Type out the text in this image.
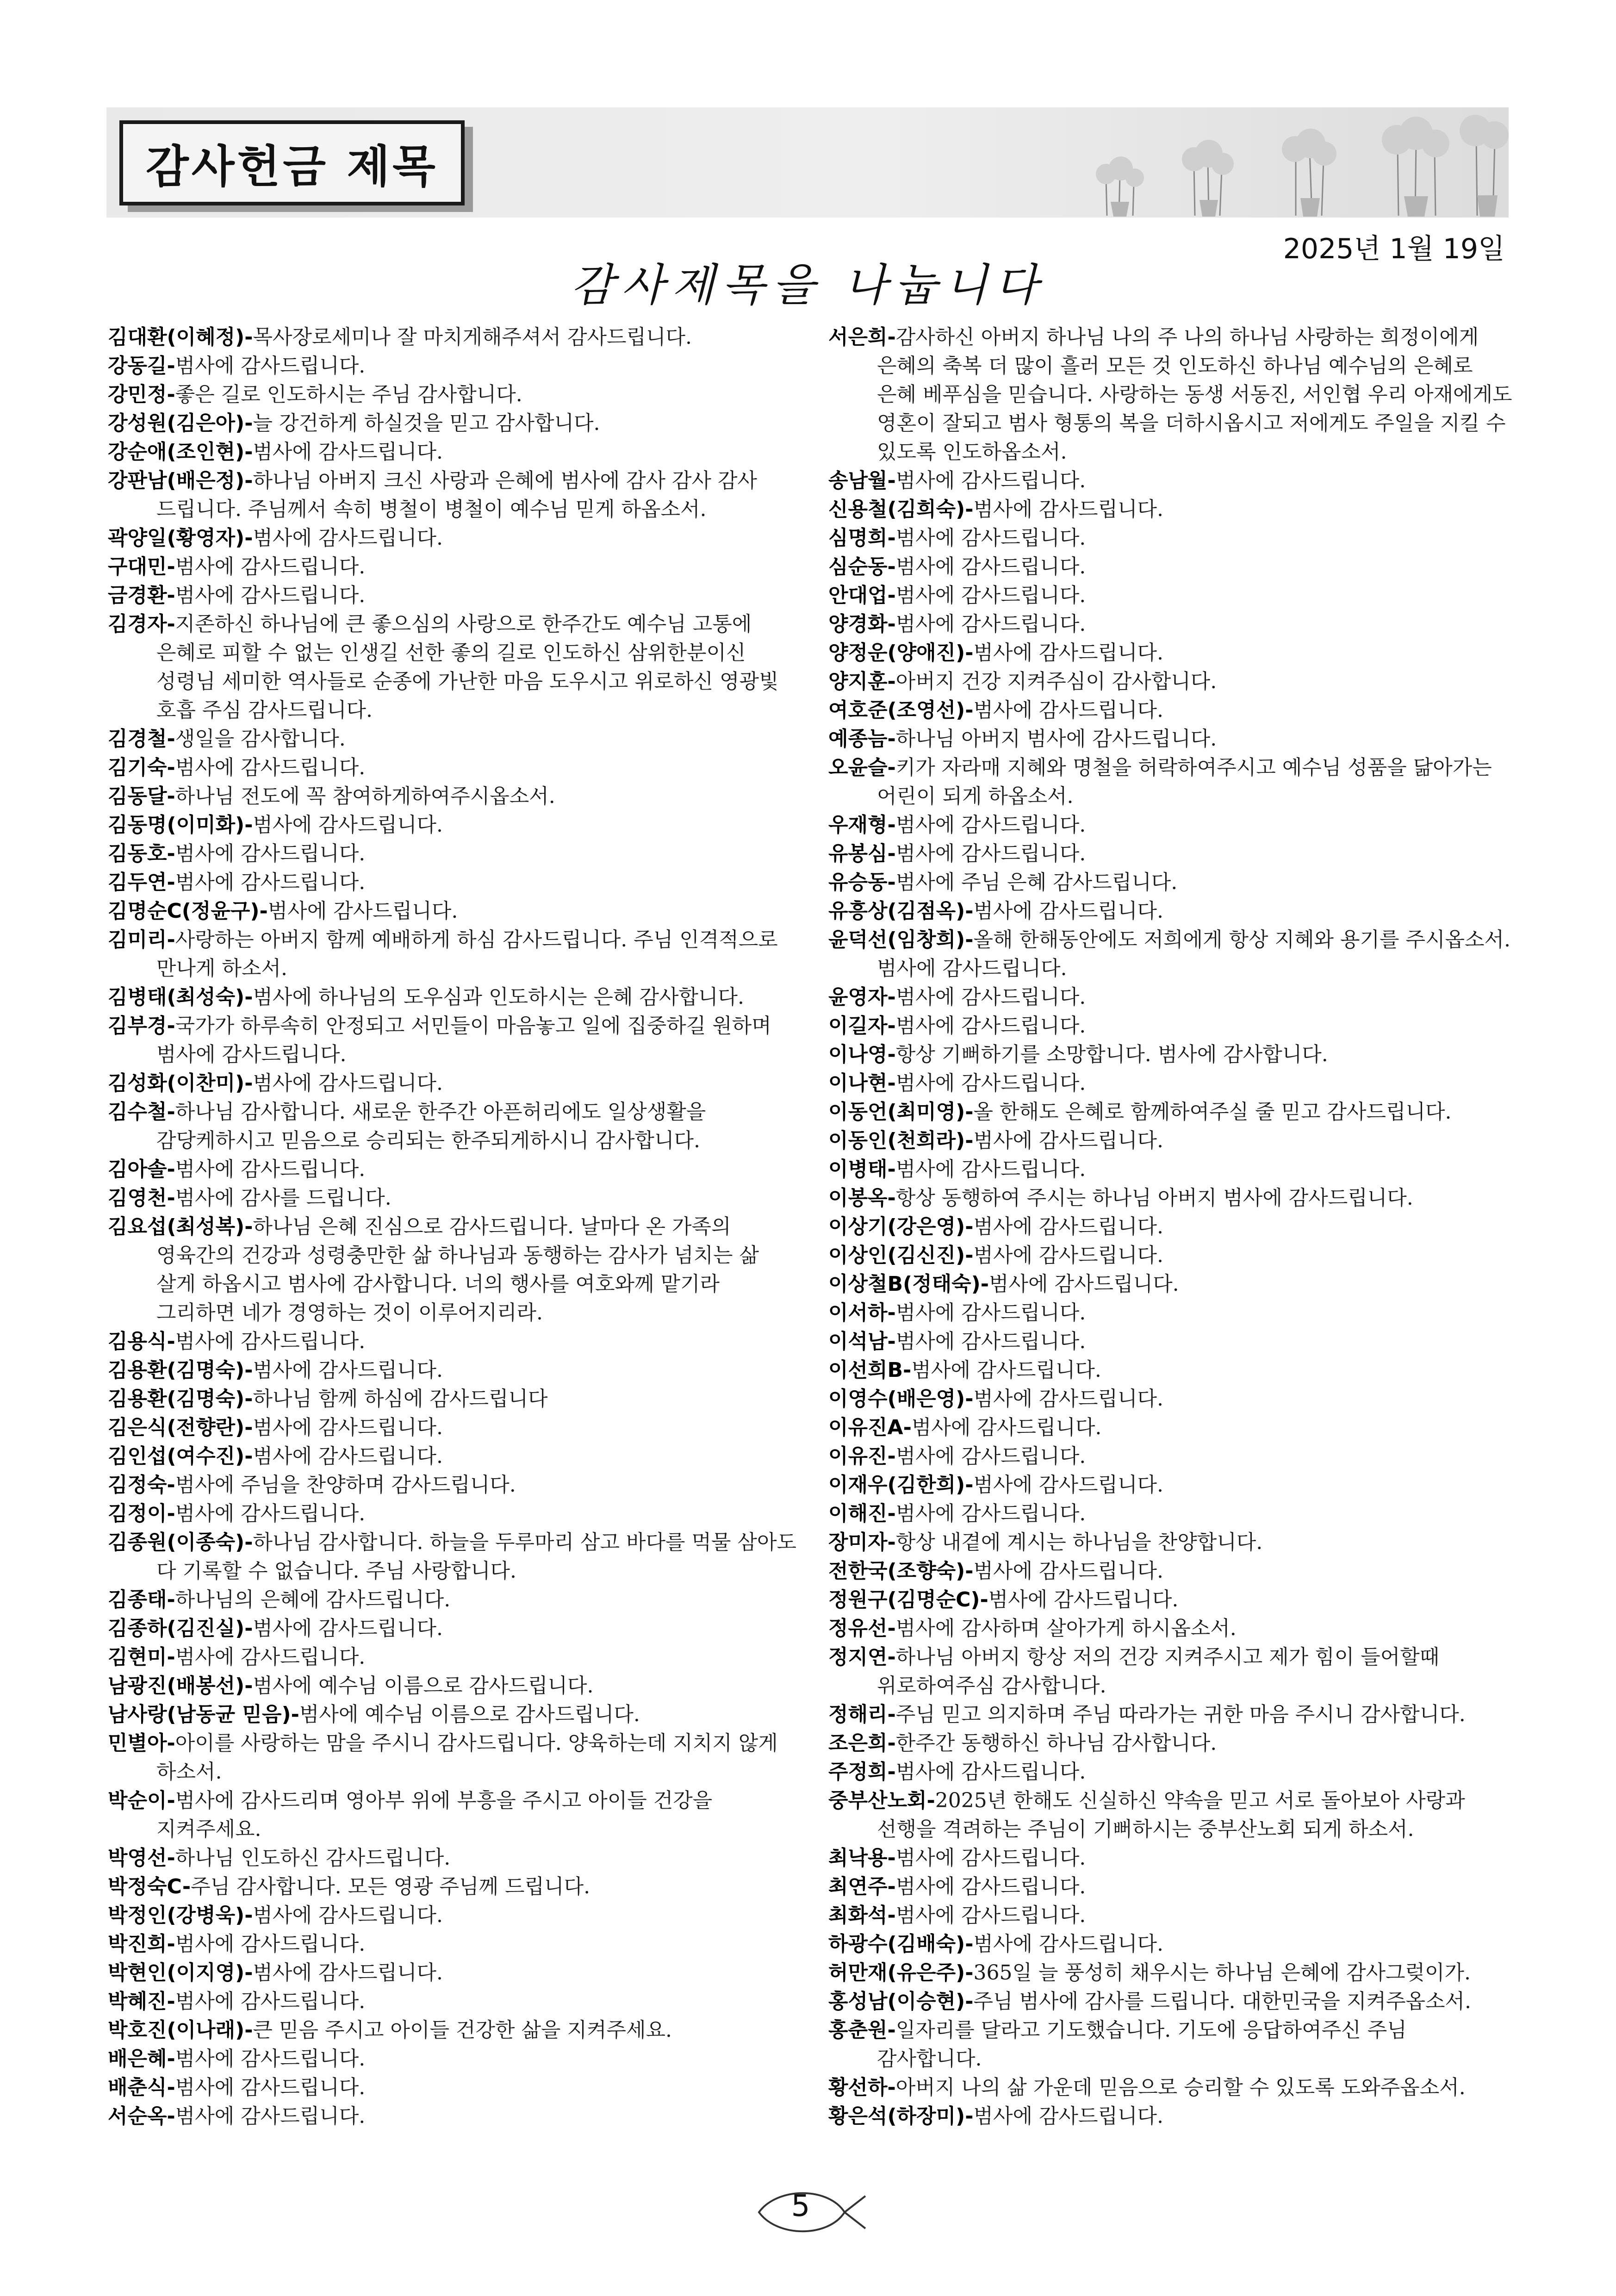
감사헌금 제목
2025년 1월 19일
감사제목을 나눕니다

김대환(이혜정)-목사장로세미나 잘 마치게해주셔서 감사드립니다.

강동길-범사에 감사드립니다.

강민정-좋은 길로 인도하시는 주님 감사합니다.

강성원(김은아)-늘 강건하게 하실것을 믿고 감사합니다.

강순애(조인현)-범사에 감사드립니다.

강판남(배은정)-하나님 아버지 크신 사랑과 은혜에 범사에 감사 감사 감사 드립니다. 주님께서 속히 병철이 병철이 예수님 믿게 하옵소서.

곽양일(황영자)-범사에 감사드립니다.

구대민-범사에 감사드립니다.

금경환-범사에 감사드립니다.

김경자-지존하신 하나님에 큰 좋으심의 사랑으로 한주간도 예수님 고통에 은혜로 피할 수 없는 인생길 선한 좋의 길로 인도하신 삼위한분이신 성령님 세미한 역사들로 순종에 가난한 마음 도우시고 위로하신 영광빛 호흡 주심 감사드립니다.

김경철-생일을 감사합니다.

김기숙-범사에 감사드립니다.

김동달-하나님 전도에 꼭 참여하게하여주시옵소서.

김동명(이미화)-범사에 감사드립니다.

김동호-범사에 감사드립니다.

김두연-범사에 감사드립니다.

김명순C(정윤구)-범사에 감사드립니다.

김미리-사랑하는 아버지 함께 예배하게 하심 감사드립니다. 주님 인격적으로 만나게 하소서.

김병태(최성숙)-범사에 하나님의 도우심과 인도하시는 은혜 감사합니다.

김부경-국가가 하루속히 안정되고 서민들이 마음놓고 일에 집중하길 원하며 범사에 감사드립니다.

김성화(이찬미)-범사에 감사드립니다.

김수철-하나님 감사합니다. 새로운 한주간 아픈허리에도 일상생활을 감당케하시고 믿음으로 승리되는 한주되게하시니 감사합니다.

김아솔-범사에 감사드립니다.

김영천-범사에 감사를 드립니다.

김요섭(최성복)-하나님 은혜 진심으로 감사드립니다. 날마다 온 가족의 영육간의 건강과 성령충만한 삶 하나님과 동행하는 감사가 넘치는 삶 살게 하옵시고 범사에 감사합니다. 너의 행사를 여호와께 맡기라 그리하면 네가 경영하는 것이 이루어지리라.

김용식-범사에 감사드립니다.

김용환(김명숙)-범사에 감사드립니다.

김용환(김명숙)-하나님 함께 하심에 감사드립니다

김은식(전향란)-범사에 감사드립니다.

김인섭(여수진)-범사에 감사드립니다.

김정숙-범사에 주님을 찬양하며 감사드립니다.

김정이-범사에 감사드립니다.

김종원(이종숙)-하나님 감사합니다. 하늘을 두루마리 삼고 바다를 먹물 삼아도 다 기록할 수 없습니다. 주님 사랑합니다.

김종태-하나님의 은혜에 감사드립니다.

김종하(김진실)-범사에 감사드립니다.

김현미-범사에 감사드립니다.

남광진(배봉선)-범사에 예수님 이름으로 감사드립니다.

남사랑(남동균 믿음)-범사에 예수님 이름으로 감사드립니다.

민별아-아이를 사랑하는 맘을 주시니 감사드립니다. 양육하는데 지치지 않게 하소서.

박순이-범사에 감사드리며 영아부 위에 부흥을 주시고 아이들 건강을 지켜주세요.

박영선-하나님 인도하신 감사드립니다.

박정숙C-주님 감사합니다. 모든 영광 주님께 드립니다.

박정인(강병욱)-범사에 감사드립니다.

박진희-범사에 감사드립니다.

박현인(이지영)-범사에 감사드립니다.

박혜진-범사에 감사드립니다.

박호진(이나래)-큰 믿음 주시고 아이들 건강한 삶을 지켜주세요.

배은혜-범사에 감사드립니다.

배춘식-범사에 감사드립니다.

서순옥-범사에 감사드립니다.

서은희-감사하신 아버지 하나님 나의 주 나의 하나님 사랑하는 희정이에게 은혜의 축복 더 많이 흘러 모든 것 인도하신 하나님 예수님의 은혜로 은혜 베푸심을 믿습니다. 사랑하는 동생 서동진, 서인협 우리 아재에게도 영혼이 잘되고 범사 형통의 복을 더하시옵시고 저에게도 주일을 지킬 수 있도록 인도하옵소서.

송남월-범사에 감사드립니다.

신용철(김희숙)-범사에 감사드립니다.

심명희-범사에 감사드립니다.

심순동-범사에 감사드립니다.

안대업-범사에 감사드립니다.

양경화-범사에 감사드립니다.

양정운(양애진)-범사에 감사드립니다.

양지훈-아버지 건강 지켜주심이 감사합니다.

여호준(조영선)-범사에 감사드립니다.

예종늠-하나님 아버지 범사에 감사드립니다.

오윤슬-키가 자라매 지혜와 명철을 허락하여주시고 예수님 성품을 닮아가는 어린이 되게 하옵소서.

우재형-범사에 감사드립니다.

유봉심-범사에 감사드립니다.

유승동-범사에 주님 은혜 감사드립니다.

유흥상(김점옥)-범사에 감사드립니다.

윤덕선(임창희)-올해 한해동안에도 저희에게 항상 지혜와 용기를 주시옵소서. 범사에 감사드립니다.

윤영자-범사에 감사드립니다.

이길자-범사에 감사드립니다.

이나영-항상 기뻐하기를 소망합니다. 범사에 감사합니다.

이나현-범사에 감사드립니다.

이동언(최미영)-올 한해도 은혜로 함께하여주실 줄 믿고 감사드립니다.

이동인(천희라)-범사에 감사드립니다.

이병태-범사에 감사드립니다.

이봉옥-항상 동행하여 주시는 하나님 아버지 범사에 감사드립니다.

이상기(강은영)-범사에 감사드립니다.

이상인(김신진)-범사에 감사드립니다.

이상철B(정태숙)-범사에 감사드립니다.

이서하-범사에 감사드립니다.

이석남-범사에 감사드립니다.

이선희B-범사에 감사드립니다.

이영수(배은영)-범사에 감사드립니다.

이유진A-범사에 감사드립니다.

이유진-범사에 감사드립니다.

이재우(김한희)-범사에 감사드립니다.

이해진-범사에 감사드립니다.

장미자-항상 내곁에 계시는 하나님을 찬양합니다.

전한국(조향숙)-범사에 감사드립니다.

정원구(김명순C)-범사에 감사드립니다.

정유선-범사에 감사하며 살아가게 하시옵소서.

정지연-하나님 아버지 항상 저의 건강 지켜주시고 제가 힘이 들어할때 위로하여주심 감사합니다.

정해리-주님 믿고 의지하며 주님 따라가는 귀한 마음 주시니 감사합니다.

조은희-한주간 동행하신 하나님 감사합니다.

주정희-범사에 감사드립니다.

중부산노회-2025년 한해도 신실하신 약속을 믿고 서로 돌아보아 사랑과 선행을 격려하는 주님이 기뻐하시는 중부산노회 되게 하소서.

최낙용-범사에 감사드립니다.

최연주-범사에 감사드립니다.

최화석-범사에 감사드립니다.

하광수(김배숙)-범사에 감사드립니다.

허만재(유은주)-365일 늘 풍성히 채우시는 하나님 은혜에 감사그렂이가.

홍성남(이승현)-주님 범사에 감사를 드립니다. 대한민국을 지켜주옵소서.

홍춘원-일자리를 달라고 기도했습니다. 기도에 응답하여주신 주님 감사합니다.

황선하-아버지 나의 삶 가운데 믿음으로 승리할 수 있도록 도와주옵소서.

황은석(하장미)-범사에 감사드립니다.

5
